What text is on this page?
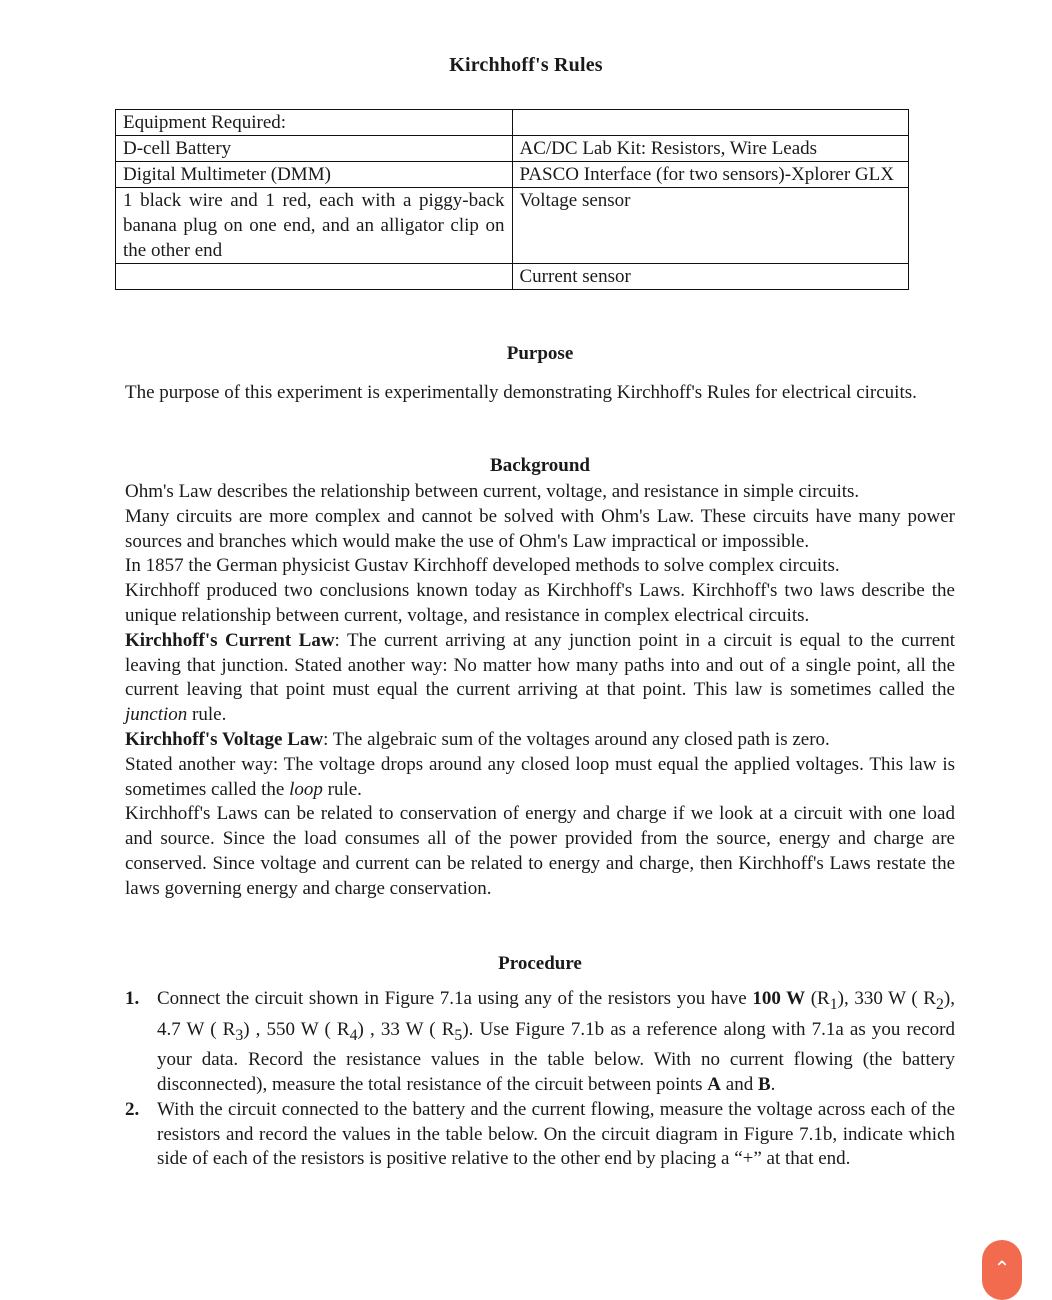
Kirchhoff's Rules
Equipment Required:	
D-cell Battery	AC/DC Lab Kit: Resistors, Wire Leads
Digital Multimeter (DMM)	PASCO Interface (for two sensors)-Xplorer GLX
1 black wire and 1 red, each with a piggy-back banana plug on one end, and an alligator clip on the other end	Voltage sensor
	Current sensor
Purpose

The purpose of this experiment is experimentally demonstrating Kirchhoff's Rules for electrical circuits.

Background

Ohm's Law describes the relationship between current, voltage, and resistance in simple circuits.

Many circuits are more complex and cannot be solved with Ohm's Law. These circuits have many power sources and branches which would make the use of Ohm's Law impractical or impossible.

In 1857 the German physicist Gustav Kirchhoff developed methods to solve complex circuits.

Kirchhoff produced two conclusions known today as Kirchhoff's Laws. Kirchhoff's two laws describe the unique relationship between current, voltage, and resistance in complex electrical circuits.

Kirchhoff's Current Law: The current arriving at any junction point in a circuit is equal to the current leaving that junction. Stated another way: No matter how many paths into and out of a single point, all the current leaving that point must equal the current arriving at that point. This law is sometimes called the junction rule.

Kirchhoff's Voltage Law: The algebraic sum of the voltages around any closed path is zero.

Stated another way: The voltage drops around any closed loop must equal the applied voltages. This law is sometimes called the loop rule.

Kirchhoff's Laws can be related to conservation of energy and charge if we look at a circuit with one load and source. Since the load consumes all of the power provided from the source, energy and charge are conserved. Since voltage and current can be related to energy and charge, then Kirchhoff's Laws restate the laws governing energy and charge conservation.

Procedure
1. Connect the circuit shown in Figure 7.1a using any of the resistors you have 100 W $(R_1)$, 330 W ( $R_2$), 4.7 W ( $R_3$) , 550 W ( $R_4$) , 33 W ( $R_5$). Use Figure 7.1b as a reference along with 7.1a as you record your data. Record the resistance values in the table below. With no current flowing (the battery disconnected), measure the total resistance of the circuit between points A and B.
2. With the circuit connected to the battery and the current flowing, measure the voltage across each of the resistors and record the values in the table below. On the circuit diagram in Figure 7.1b, indicate which side of each of the resistors is positive relative to the other end by placing a “+” at that end.
⌃
